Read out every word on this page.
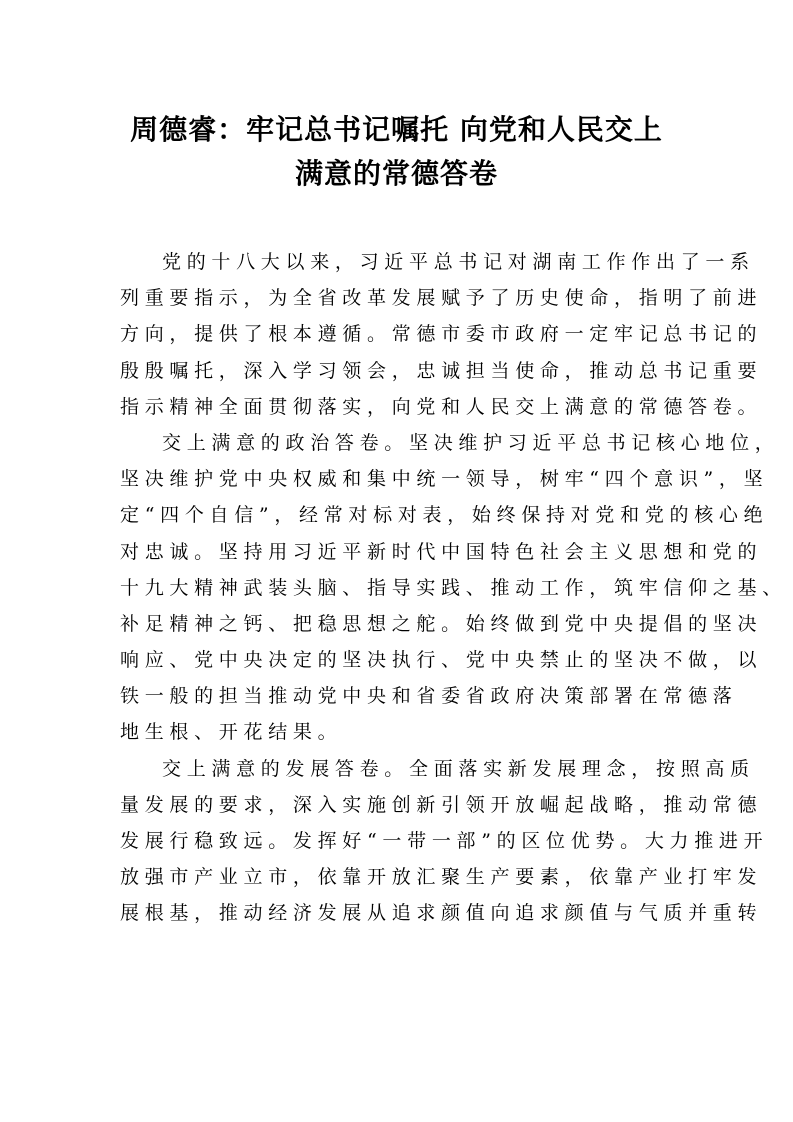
周德睿：牢记总书记嘱托 向党和人民交上
满意的常德答卷
党的十八大以来，习近平总书记对湖南工作作出了一系
列重要指示，为全省改革发展赋予了历史使命，指明了前进
方向，提供了根本遵循。常德市委市政府一定牢记总书记的
殷殷嘱托，深入学习领会，忠诚担当使命，推动总书记重要
指示精神全面贯彻落实，向党和人民交上满意的常德答卷。
交上满意的政治答卷。坚决维护习近平总书记核心地位，
坚决维护党中央权威和集中统一领导，树牢“四个意识”，坚
定“四个自信”，经常对标对表，始终保持对党和党的核心绝
对忠诚。坚持用习近平新时代中国特色社会主义思想和党的
十九大精神武装头脑、指导实践、推动工作，筑牢信仰之基、
补足精神之钙、把稳思想之舵。始终做到党中央提倡的坚决
响应、党中央决定的坚决执行、党中央禁止的坚决不做，以
铁一般的担当推动党中央和省委省政府决策部署在常德落
地生根、开花结果。
交上满意的发展答卷。全面落实新发展理念，按照高质
量发展的要求，深入实施创新引领开放崛起战略，推动常德
发展行稳致远。发挥好“一带一部”的区位优势。大力推进开
放强市产业立市，依靠开放汇聚生产要素，依靠产业打牢发
展根基，推动经济发展从追求颜值向追求颜值与气质并重转
